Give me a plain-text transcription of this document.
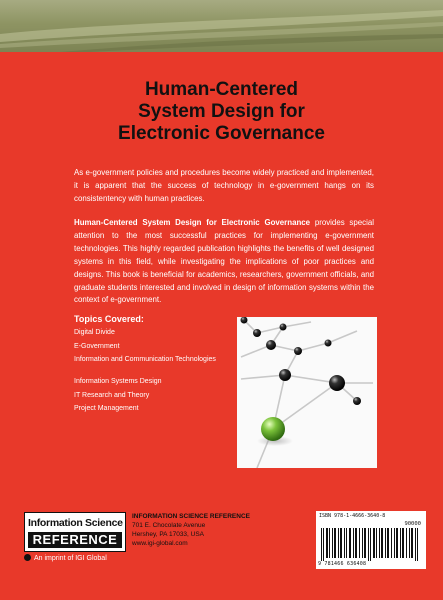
Human-Centered
System Design for
Electronic Governance

As e-government policies and procedures become widely practiced and implemented, it is apparent that the success of technology in e-government hangs on its consistentency with human practices.

Human-Centered System Design for Electronic Governance provides special attention to the most successful practices for implementing e-government technologies. This highly regarded publication highlights the benefits of well designed systems in this field, while investigating the implications of poor practices and designs. This book is beneficial for academics, researchers, government officials, and graduate students interested and involved in design of information systems within the context of e-government.

Topics Covered:
Digital Divide
E-Government
Information and Communication Technologies
Information Systems Design
IT Research and Theory
Project Management
Information Science
REFERENCE
An imprint of IGI Global
INFORMATION SCIENCE REFERENCE
701 E. Chocolate Avenue
Hershey, PA 17033, USA
www.igi-global.com
ISBN 978-1-4666-3640-8
90000
9 781466 636408
